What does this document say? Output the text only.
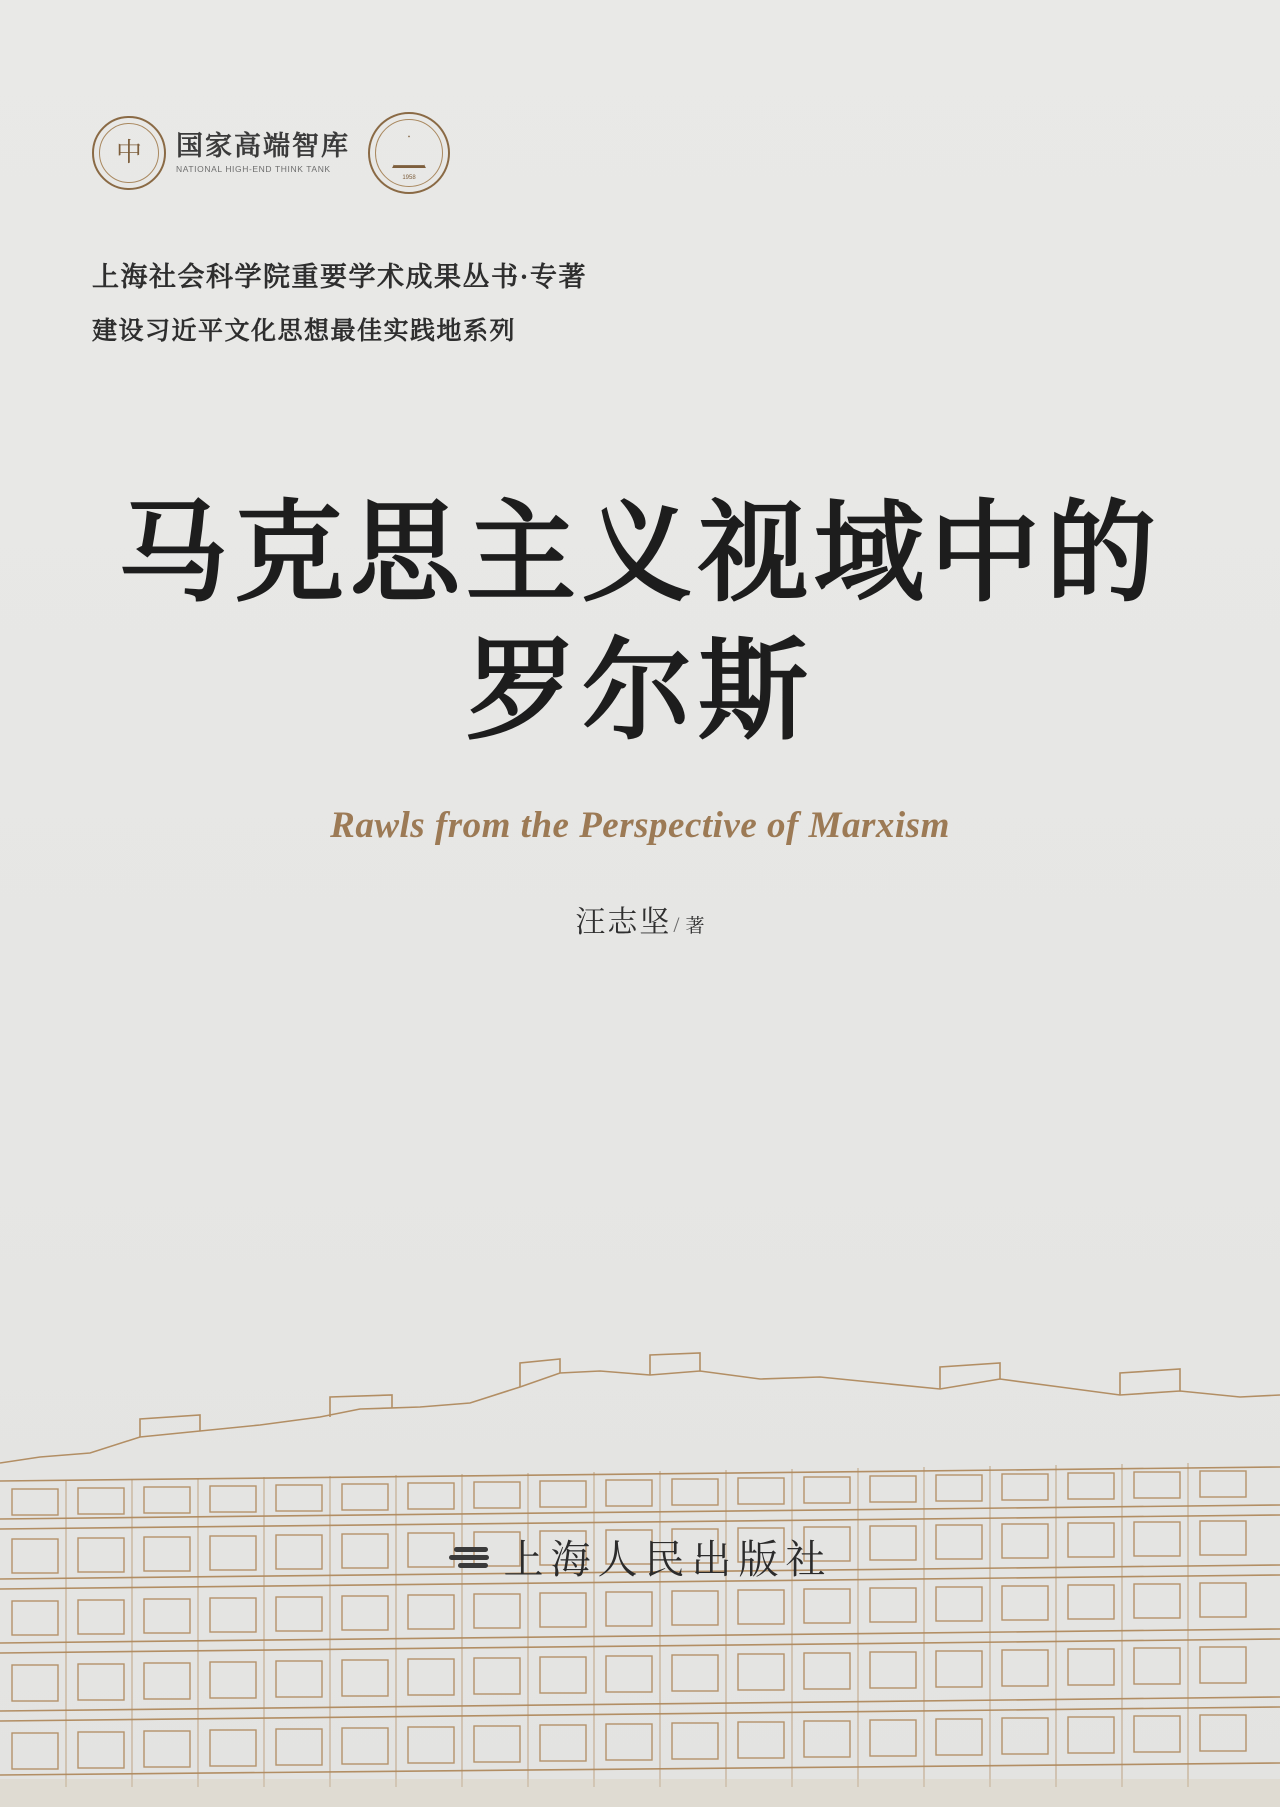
中 国家高端智库
NATIONAL HIGH-END THINK TANK
1958
上海社会科学院重要学术成果丛书·专著
建设习近平文化思想最佳实践地系列
马克思主义视域中的
罗尔斯
Rawls from the Perspective of Marxism
汪志坚/ 著
上海人民出版社
